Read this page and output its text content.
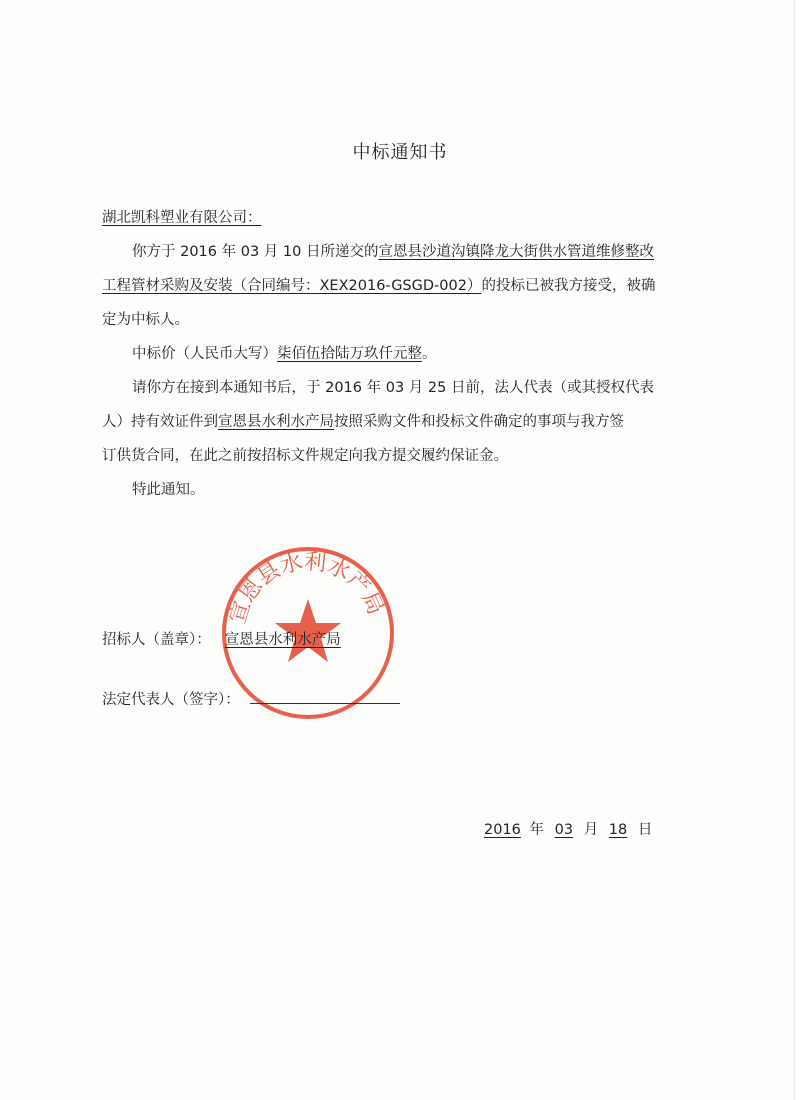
中标通知书
湖北凯科塑业有限公司：
你方于 2016 年 03 月 10 日所递交的宣恩县沙道沟镇降龙大街供水管道维修整改
工程管材采购及安装（合同编号：XEX2016-GSGD-002）的投标已被我方接受，被确
定为中标人。
中标价（人民币大写）柒佰伍拾陆万玖仟元整。
请你方在接到本通知书后，于 2016 年 03 月 25 日前，法人代表（或其授权代表
人）持有效证件到宣恩县水利水产局按照采购文件和投标文件确定的事项与我方签
订供货合同，在此之前按招标文件规定向我方提交履约保证金。
特此通知。
宣恩县水利水产局
招标人（盖章）： 宣恩县水利水产局
法定代表人（签字）：
2016 年 03 月 18 日
